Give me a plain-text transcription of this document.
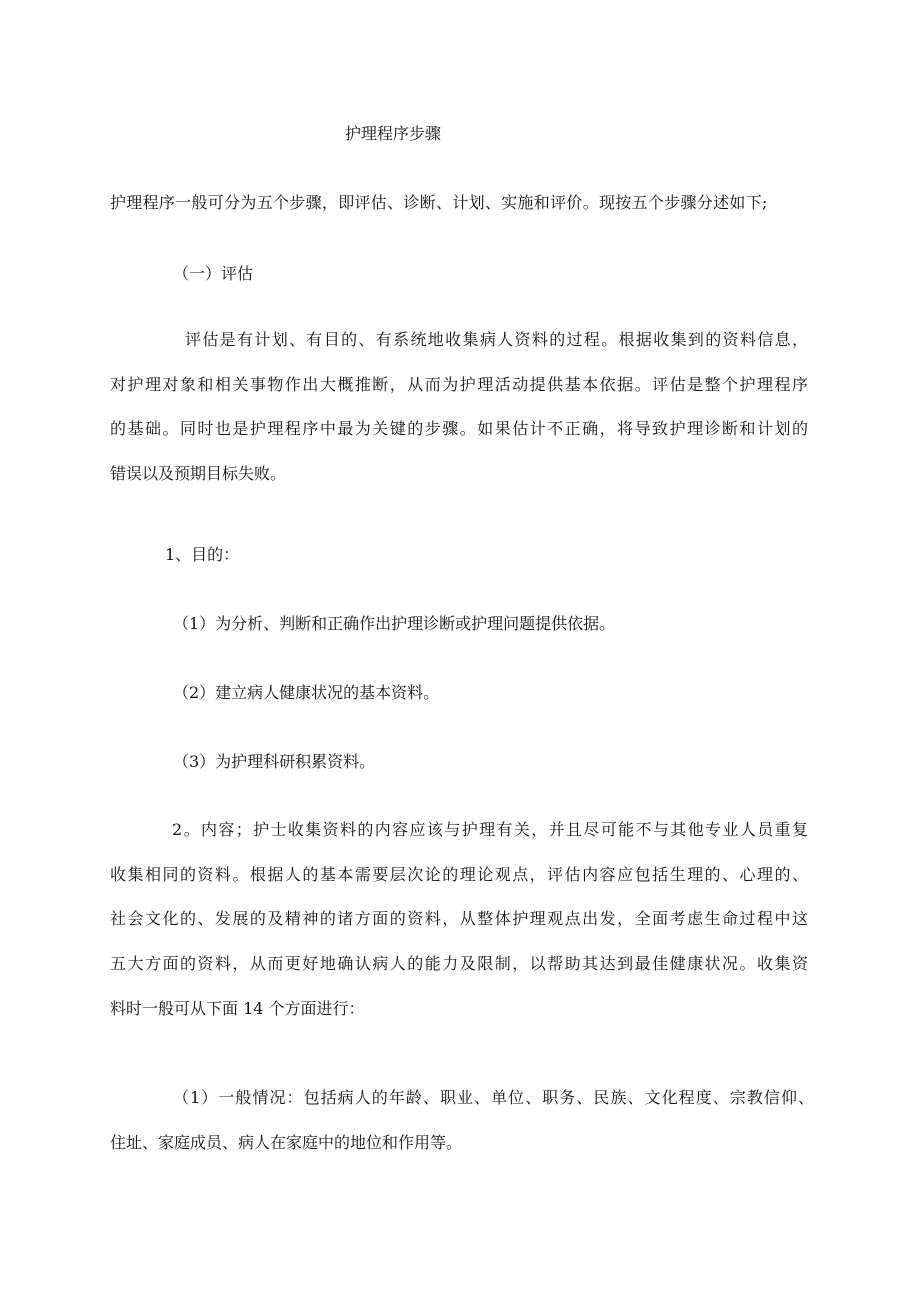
护理程序步骤
护理程序一般可分为五个步骤，即评估、诊断、计划、实施和评价。现按五个步骤分述如下;
（一）评估
评估是有计划、有目的、有系统地收集病人资料的过程。根据收集到的资料信息，
对护理对象和相关事物作出大概推断，从而为护理活动提供基本依据。评估是整个护理程序
的基础。同时也是护理程序中最为关键的步骤。如果估计不正确，将导致护理诊断和计划的
错误以及预期目标失败。
1、目的：
（1）为分析、判断和正确作出护理诊断或护理问题提供依据。
（2）建立病人健康状况的基本资料。
（3）为护理科研积累资料。
2。内容；护士收集资料的内容应该与护理有关，并且尽可能不与其他专业人员重复
收集相同的资料。根据人的基本需要层次论的理论观点，评估内容应包括生理的、心理的、
社会文化的、发展的及精神的诸方面的资料，从整体护理观点出发，全面考虑生命过程中这
五大方面的资料，从而更好地确认病人的能力及限制，以帮助其达到最佳健康状况。收集资
料时一般可从下面 14 个方面进行：
（1）一般情况：包括病人的年龄、职业、单位、职务、民族、文化程度、宗教信仰、
住址、家庭成员、病人在家庭中的地位和作用等。
